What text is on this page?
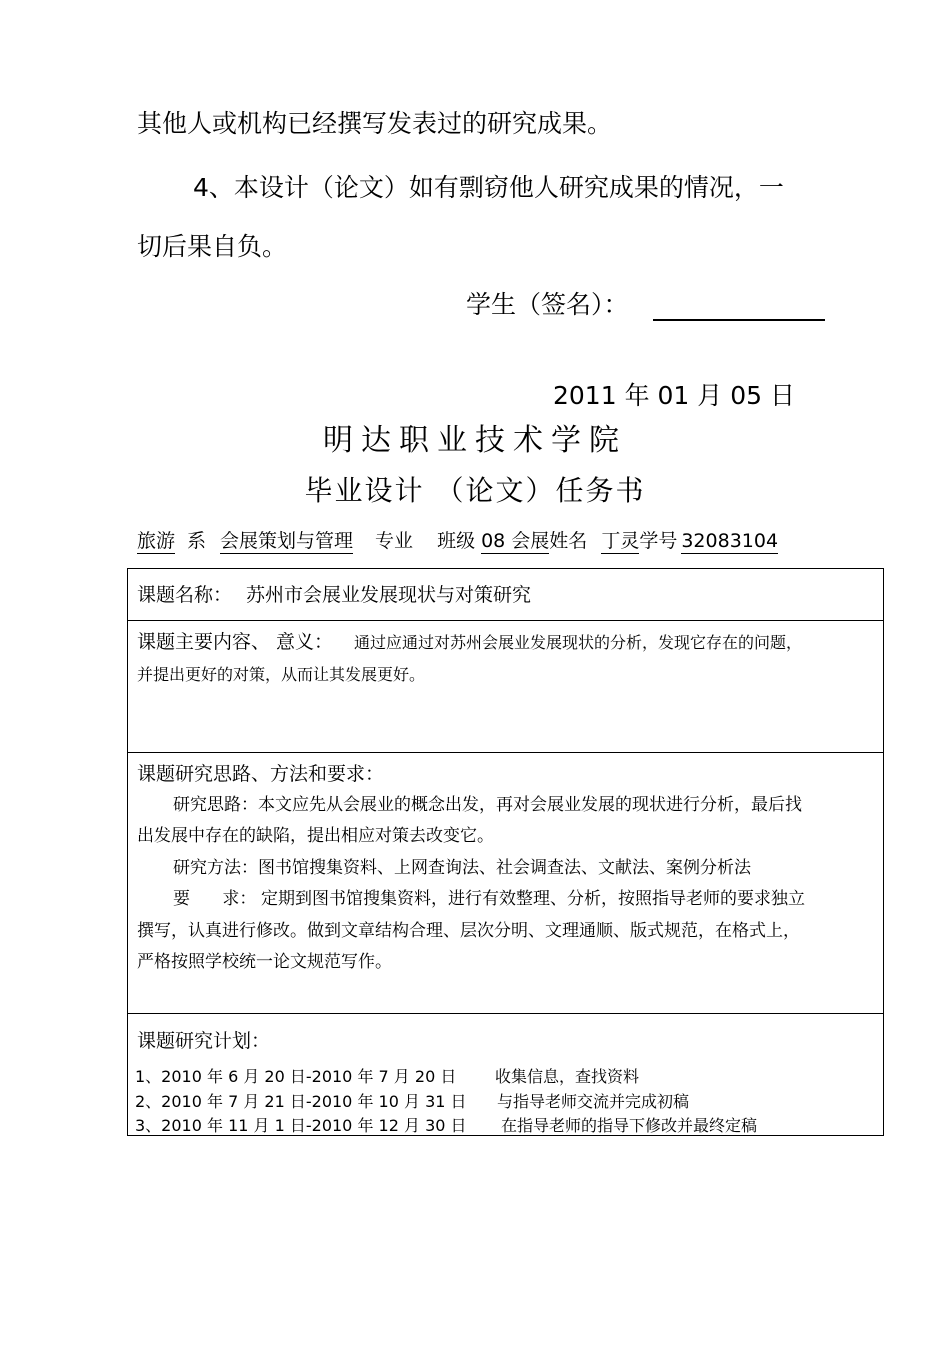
其他人或机构已经撰写发表过的研究成果。
4、本设计（论文）如有剽窃他人研究成果的情况，一
切后果自负。
学生（签名）：
2011 年 01 月 05 日
明达职业技术学院
毕业设计 （论文）任务书
旅游 系 会展策划与管理 专业 班级 08 会展姓名 丁灵学号 32083104
课题名称： 苏州市会展业发展现状与对策研究
课题主要内容、 意义： 通过应通过对苏州会展业发展现状的分析，发现它存在的问题，
并提出更好的对策，从而让其发展更好。
课题研究思路、方法和要求：
研究思路：本文应先从会展业的概念出发，再对会展业发展的现状进行分析，最后找
出发展中存在的缺陷，提出相应对策去改变它。
研究方法：图书馆搜集资料、上网查询法、社会调查法、文献法、案例分析法
要      求： 定期到图书馆搜集资料，进行有效整理、分析，按照指导老师的要求独立
撰写，认真进行修改。做到文章结构合理、层次分明、文理通顺、版式规范，在格式上，
严格按照学校统一论文规范写作。
课题研究计划：
1、2010 年 6 月 20 日-2010 年 7 月 20 日 收集信息，查找资料
2、2010 年 7 月 21 日-2010 年 10 月 31 日 与指导老师交流并完成初稿
3、2010 年 11 月 1 日-2010 年 12 月 30 日 在指导老师的指导下修改并最终定稿
